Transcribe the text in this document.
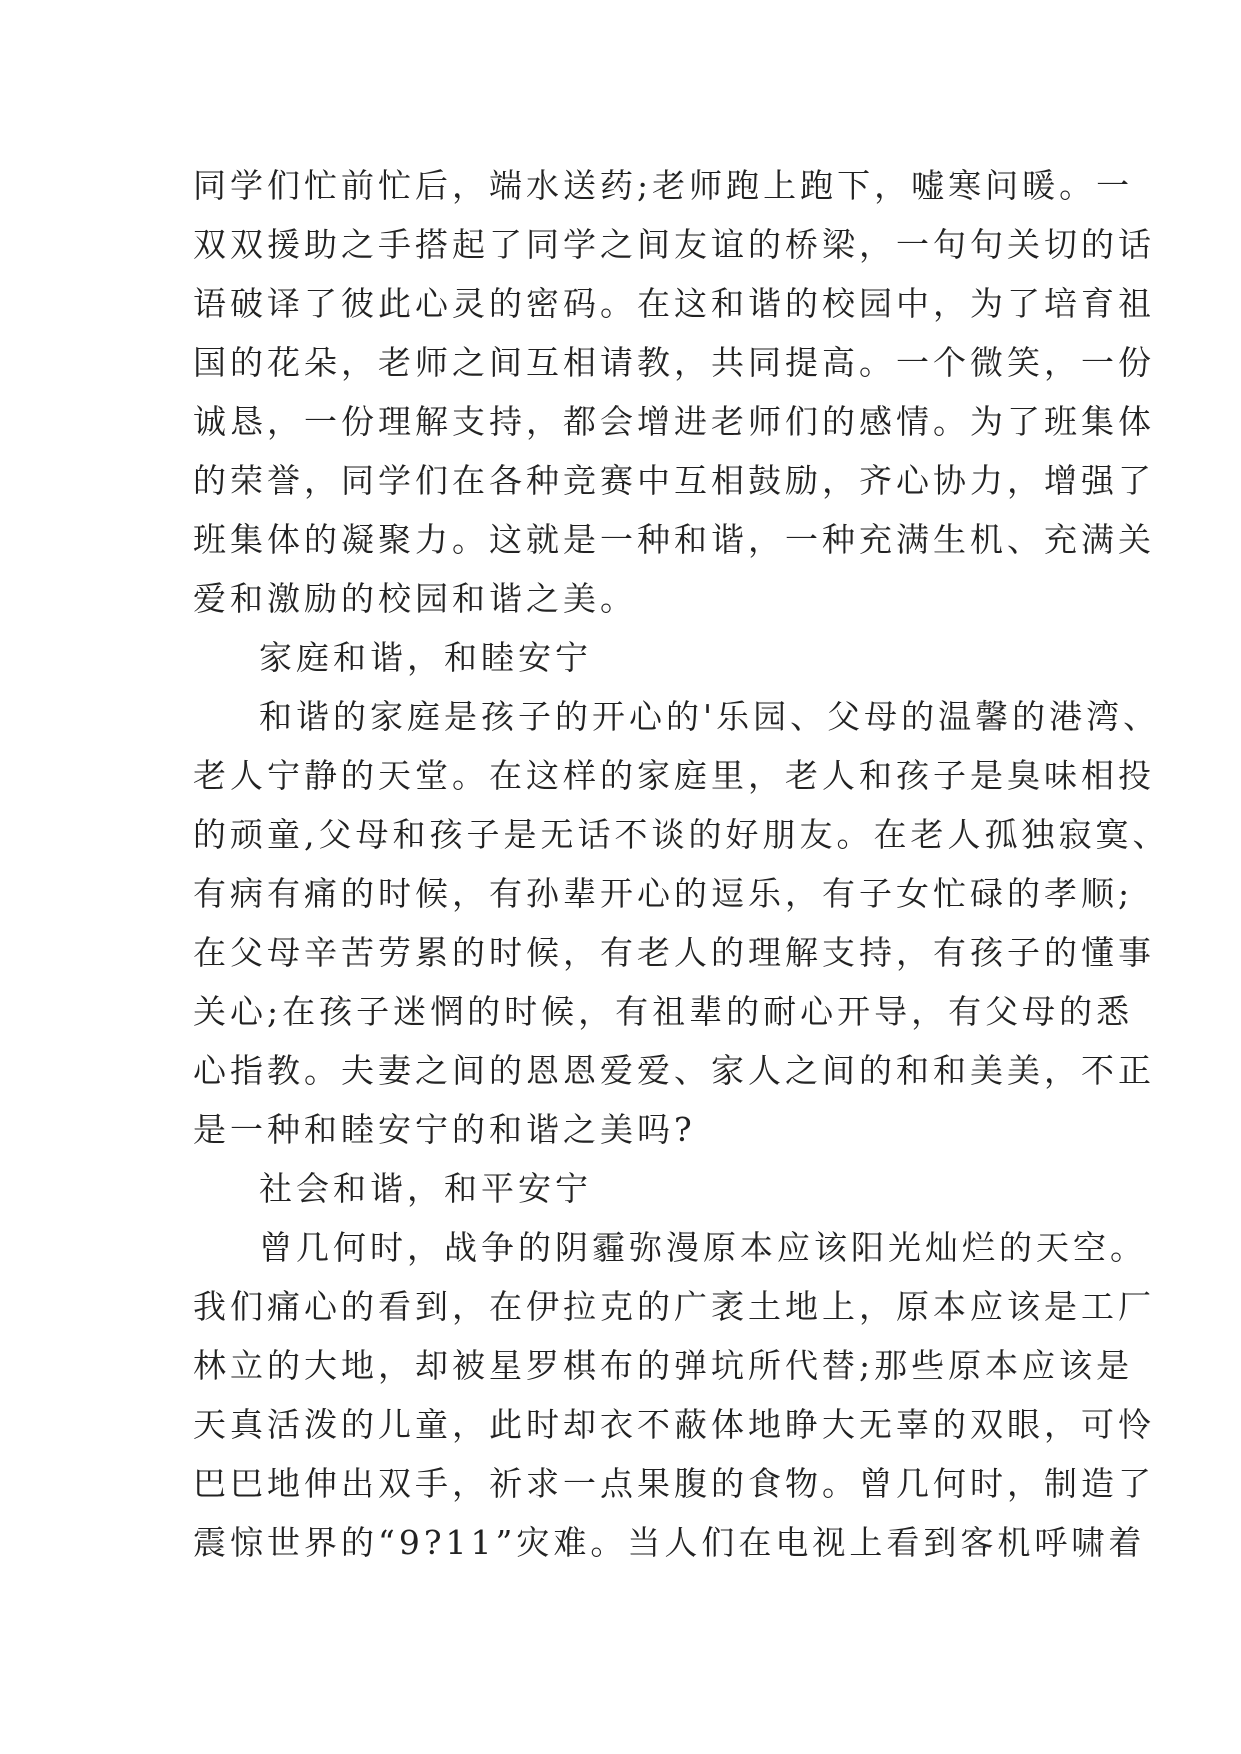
同学们忙前忙后，端水送药;老师跑上跑下，嘘寒问暖。一
双双援助之手搭起了同学之间友谊的桥梁，一句句关切的话
语破译了彼此心灵的密码。在这和谐的校园中，为了培育祖
国的花朵，老师之间互相请教，共同提高。一个微笑，一份
诚恳，一份理解支持，都会增进老师们的感情。为了班集体
的荣誉，同学们在各种竞赛中互相鼓励，齐心协力，增强了
班集体的凝聚力。这就是一种和谐，一种充满生机、充满关
爱和激励的校园和谐之美。
家庭和谐，和睦安宁
和谐的家庭是孩子的开心的'乐园、父母的温馨的港湾、
老人宁静的天堂。在这样的家庭里，老人和孩子是臭味相投
的顽童,父母和孩子是无话不谈的好朋友。在老人孤独寂寞、
有病有痛的时候，有孙辈开心的逗乐，有子女忙碌的孝顺;
在父母辛苦劳累的时候，有老人的理解支持，有孩子的懂事
关心;在孩子迷惘的时候，有祖辈的耐心开导，有父母的悉
心指教。夫妻之间的恩恩爱爱、家人之间的和和美美，不正
是一种和睦安宁的和谐之美吗?
社会和谐，和平安宁
曾几何时，战争的阴霾弥漫原本应该阳光灿烂的天空。
我们痛心的看到，在伊拉克的广袤土地上，原本应该是工厂
林立的大地，却被星罗棋布的弹坑所代替;那些原本应该是
天真活泼的儿童，此时却衣不蔽体地睁大无辜的双眼，可怜
巴巴地伸出双手，祈求一点果腹的食物。曾几何时，制造了
震惊世界的“9?11”灾难。当人们在电视上看到客机呼啸着
